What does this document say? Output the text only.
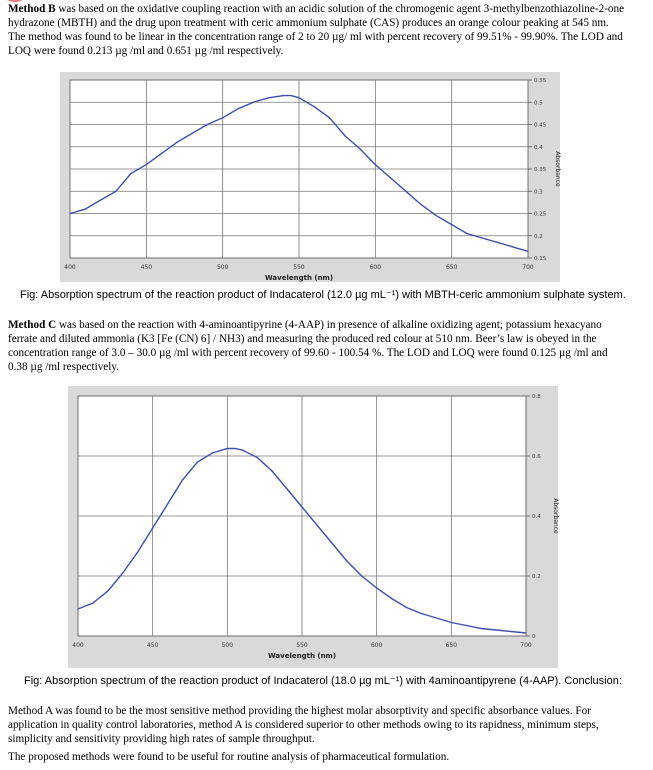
Method B was based on the oxidative coupling reaction with an acidic solution of the chromogenic agent 3-methylbenzothiazoline-2-one hydrazone (MBTH) and the drug upon treatment with ceric ammonium sulphate (CAS) produces an orange colour peaking at 545 nm. The method was found to be linear in the concentration range of 2 to 20 µg/ ml with percent recovery of 99.51% - 99.90%. The LOD and LOQ were found 0.213 µg /ml and 0.651 µg /ml respectively.

400	450	500	550	600	650	700
0.55
0.5
0.45
0.4
0.35
0.3
0.25
0.2
0.15
Wavelength (nm)
Absorbance
Fig: Absorption spectrum of the reaction product of Indacaterol (12.0 µg mL⁻¹) with MBTH-ceric ammonium sulphate system.

Method C was based on the reaction with 4-aminoantipyrine (4-AAP) in presence of alkaline oxidizing agent; potassium hexacyano ferrate and diluted ammonia (K3 [Fe (CN) 6] / NH3) and measuring the produced red colour at 510 nm. Beer’s law is obeyed in the concentration range of 3.0 – 30.0 µg /ml with percent recovery of 99.60 - 100.54 %. The LOD and LOQ were found 0.125 µg /ml and 0.38 µg /ml respectively.

400	450	500	550	600	650	700
0.8
0.6
0.4
0.2
0
Wavelength (nm)
Absorbance
Fig: Absorption spectrum of the reaction product of Indacaterol (18.0 µg mL⁻¹) with 4aminoantipyrene (4-AAP). Conclusion:

Method A was found to be the most sensitive method providing the highest molar absorptivity and specific absorbance values. For application in quality control laboratories, method A is considered superior to other methods owing to its rapidness, minimum steps, simplicity and sensitivity providing high rates of sample throughput.

The proposed methods were found to be useful for routine analysis of pharmaceutical formulation.
